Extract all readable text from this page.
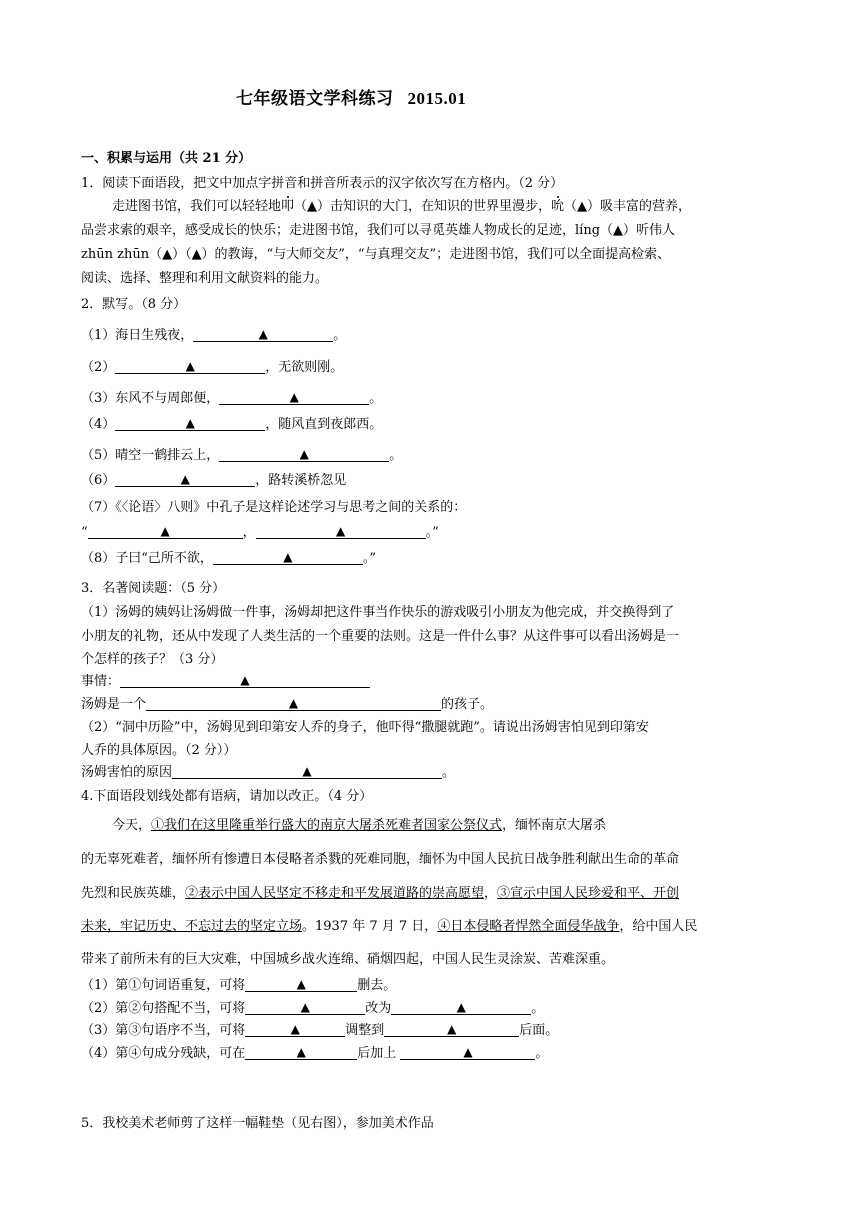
七年级语文学科练习 2015.01
一、积累与运用（共 21 分）
1．阅读下面语段，把文中加点字拼音和拼音所表示的汉字依次写在方格内。（2 分）
走进图书馆，我们可以轻轻地叩（▲）击知识的大门，在知识的世界里漫步，吮（▲）吸丰富的营养，
品尝求索的艰辛，感受成长的快乐；走进图书馆，我们可以寻觅英雄人物成长的足迹，líng（▲）听伟人
zhūn zhūn（▲）（▲）的教诲，“与大师交友”，“与真理交友”；走进图书馆，我们可以全面提高检索、
阅读、选择、整理和利用文献资料的能力。
2．默写。（8 分）
（1）海日生残夜，	▲	。
（2）	▲	，无欲则刚。
（3）东风不与周郎便，	▲	。
（4）	▲	，随风直到夜郎西。
（5）晴空一鹤排云上，	▲	。
（6）	▲	，路转溪桥忽见
（7）《〈论语〉八则》中孔子是这样论述学习与思考之间的关系的：
“	▲	，	▲	。”
（8）子曰“己所不欲，	▲	。”
3．名著阅读题：（5 分）
（1）汤姆的姨妈让汤姆做一件事，汤姆却把这件事当作快乐的游戏吸引小朋友为他完成，并交换得到了
小朋友的礼物，还从中发现了人类生活的一个重要的法则。这是一件什么事？从这件事可以看出汤姆是一
个怎样的孩子？（3 分）
事情：	▲
汤姆是一个	▲	的孩子。
（2）“洞中历险”中，汤姆见到印第安人乔的身子，他吓得“撒腿就跑”。请说出汤姆害怕见到印第安
人乔的具体原因。（2 分））
汤姆害怕的原因	▲	。
4.下面语段划线处都有语病，请加以改正。（4 分）
今天，①我们在这里隆重举行盛大的南京大屠杀死难者国家公祭仪式，缅怀南京大屠杀
的无辜死难者，缅怀所有惨遭日本侵略者杀戮的死难同胞，缅怀为中国人民抗日战争胜利献出生命的革命
先烈和民族英雄，②表示中国人民坚定不移走和平发展道路的崇高愿望，③宣示中国人民珍爱和平、开创
未来，牢记历史、不忘过去的坚定立场。1937 年 7 月 7 日，④日本侵略者悍然全面侵华战争，给中国人民
带来了前所未有的巨大灾难，中国城乡战火连绵、硝烟四起，中国人民生灵涂炭、苦难深重。
（1）第①句词语重复，可将	▲	删去。
（2）第②句搭配不当，可将	▲	改为	▲	。
（3）第③句语序不当，可将	▲	调整到	▲	后面。
（4）第④句成分残缺，可在	▲	后加上	▲	。
5．我校美术老师剪了这样一幅鞋垫（见右图），参加美术作品
